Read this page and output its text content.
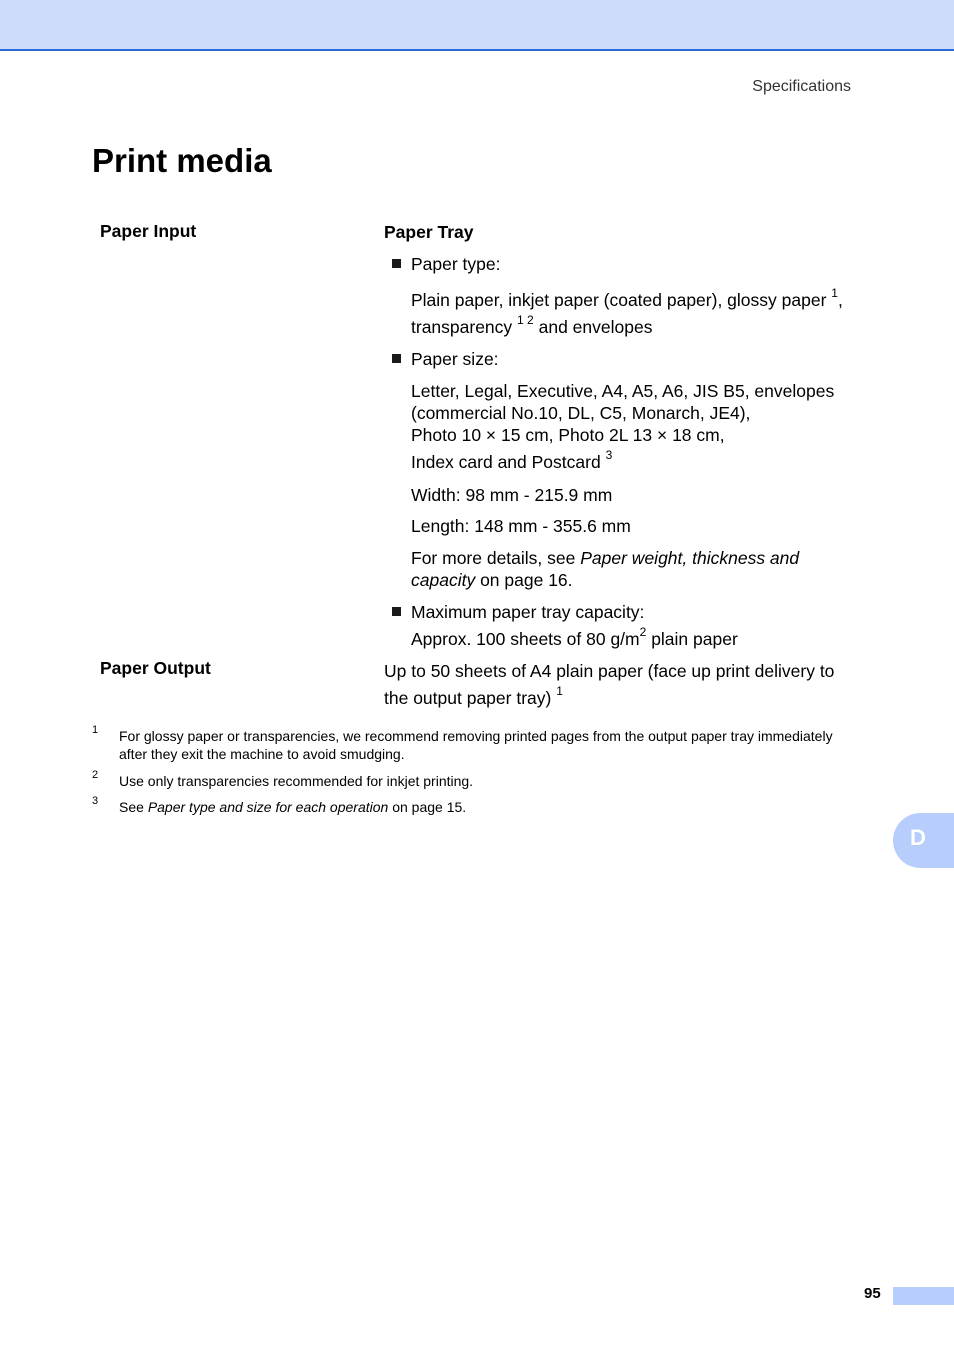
Specifications
Print media
Paper Input	Paper Tray
Paper type:
Plain paper, inkjet paper (coated paper), glossy paper $^1$,
transparency $^{1 2}$ and envelopes
Paper size:
Letter, Legal, Executive, A4, A5, A6, JIS B5, envelopes
(commercial No.10, DL, C5, Monarch, JE4),
Photo 10 × 15 cm, Photo 2L 13 × 18 cm,
Index card and Postcard $^3$
Width: 98 mm - 215.9 mm
Length: 148 mm - 355.6 mm
For more details, see Paper weight, thickness and
capacity on page 16.
Maximum paper tray capacity:
Approx. 100 sheets of 80 $g/m^2$ plain paper
Paper Output	Up to 50 sheets of A4 plain paper (face up print delivery to
the output paper tray) $^1$
1 For glossy paper or transparencies, we recommend removing printed pages from the output paper tray immediately
after they exit the machine to avoid smudging.
2 Use only transparencies recommended for inkjet printing.
3 See Paper type and size for each operation on page 15.
D
95
